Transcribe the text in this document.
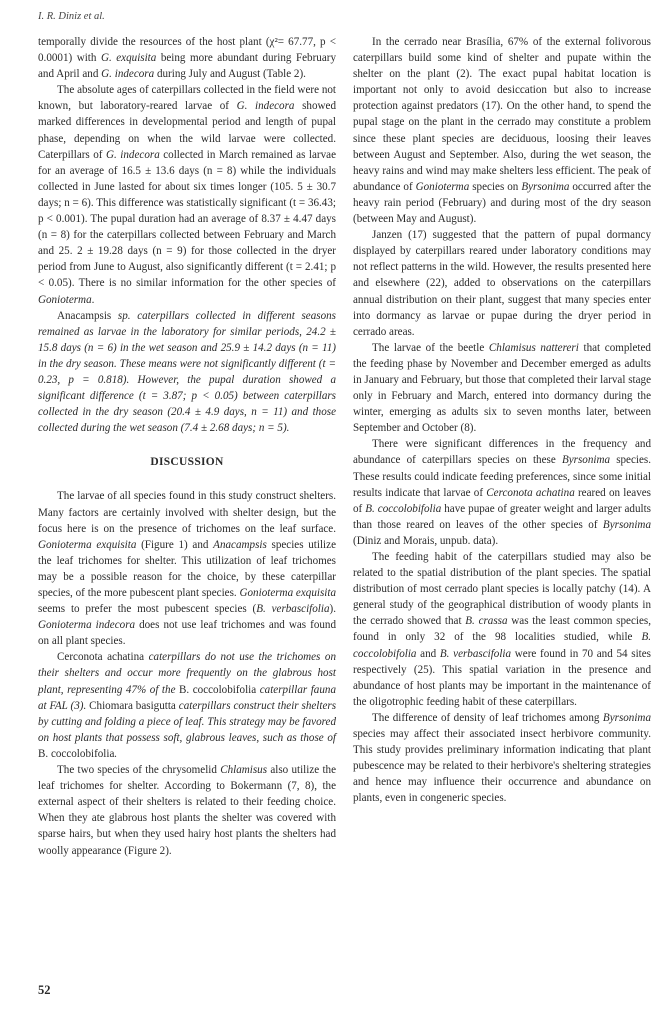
I. R. Diniz et al.

temporally divide the resources of the host plant (χ²= 67.77, p < 0.0001) with G. exquisita being more abundant during February and April and G. indecora during July and August (Table 2).

The absolute ages of caterpillars collected in the field were not known, but laboratory-reared larvae of G. indecora showed marked differences in developmental period and length of pupal phase, depending on when the wild larvae were collected. Caterpillars of G. indecora collected in March remained as larvae for an average of 16.5 ± 13.6 days (n = 8) while the individuals collected in June lasted for about six times longer (105. 5 ± 30.7 days; n = 6). This difference was statistically significant (t = 36.43; p < 0.001). The pupal duration had an average of 8.37 ± 4.47 days (n = 8) for the caterpillars collected between February and March and 25. 2 ± 19.28 days (n = 9) for those collected in the dryer period from June to August, also significantly different (t = 2.41; p < 0.05). There is no similar information for the other species of Gonioterma.

Anacampsis sp. caterpillars collected in different seasons remained as larvae in the laboratory for similar periods, 24.2 ± 15.8 days (n = 6) in the wet season and 25.9 ± 14.2 days (n = 11) in the dry season. These means were not significantly different (t = 0.23, p = 0.818). However, the pupal duration showed a significant difference (t = 3.87; p < 0.05) between caterpillars collected in the dry season (20.4 ± 4.9 days, n = 11) and those collected during the wet season (7.4 ± 2.68 days; n = 5).

DISCUSSION

The larvae of all species found in this study construct shelters. Many factors are certainly involved with shelter design, but the focus here is on the presence of trichomes on the leaf surface. Gonioterma exquisita (Figure 1) and Anacampsis species utilize the leaf trichomes for shelter. This utilization of leaf trichomes may be a possible reason for the choice, by these caterpillar species, of the more pubescent plant species. Gonioterma exquisita seems to prefer the most pubescent species (B. verbascifolia). Gonioterma indecora does not use leaf trichomes and was found on all plant species.

Cerconota achatina caterpillars do not use the trichomes on their shelters and occur more frequently on the glabrous host plant, representing 47% of the B. coccolobifolia caterpillar fauna at FAL (3). Chiomara basigutta caterpillars construct their shelters by cutting and folding a piece of leaf. This strategy may be favored on host plants that possess soft, glabrous leaves, such as those of B. coccolobifolia.

The two species of the chrysomelid Chlamisus also utilize the leaf trichomes for shelter. According to Bokermann (7, 8), the external aspect of their shelters is related to their feeding choice. When they ate glabrous host plants the shelter was covered with sparse hairs, but when they used hairy host plants the shelters had woolly appearance (Figure 2).

In the cerrado near Brasília, 67% of the external folivorous caterpillars build some kind of shelter and pupate within the shelter on the plant (2). The exact pupal habitat location is important not only to avoid desiccation but also to increase protection against predators (17). On the other hand, to spend the pupal stage on the plant in the cerrado may constitute a problem since these plant species are deciduous, loosing their leaves between August and September. Also, during the wet season, the heavy rains and wind may make shelters less efficient. The peak of abundance of Gonioterma species on Byrsonima occurred after the heavy rain period (February) and during most of the dry season (between May and August).

Janzen (17) suggested that the pattern of pupal dormancy displayed by caterpillars reared under laboratory conditions may not reflect patterns in the wild. However, the results presented here and elsewhere (22), added to observations on the caterpillars annual distribution on their plant, suggest that many species enter into dormancy as larvae or pupae during the dryer period in cerrado areas.

The larvae of the beetle Chlamisus nattereri that completed the feeding phase by November and December emerged as adults in January and February, but those that completed their larval stage only in February and March, entered into dormancy during the winter, emerging as adults six to seven months later, between September and October (8).

There were significant differences in the frequency and abundance of caterpillars species on these Byrsonima species. These results could indicate feeding preferences, since some initial results indicate that larvae of Cerconota achatina reared on leaves of B. coccolobifolia have pupae of greater weight and larger adults than those reared on leaves of the other species of Byrsonima (Diniz and Morais, unpub. data).

The feeding habit of the caterpillars studied may also be related to the spatial distribution of the plant species. The spatial distribution of most cerrado plant species is locally patchy (14). A general study of the geographical distribution of woody plants in the cerrado showed that B. crassa was the least common species, found in only 32 of the 98 localities studied, while B. coccolobifolia and B. verbascifolia were found in 70 and 54 sites respectively (25). This spatial variation in the presence and abundance of host plants may be important in the maintenance of the oligotrophic feeding habit of these caterpillars.

The difference of density of leaf trichomes among Byrsonima species may affect their associated insect herbivore community. This study provides preliminary information indicating that plant pubescence may be related to their herbivore's sheltering strategies and hence may influence their occurrence and abundance on plants, even in congeneric species.

52
